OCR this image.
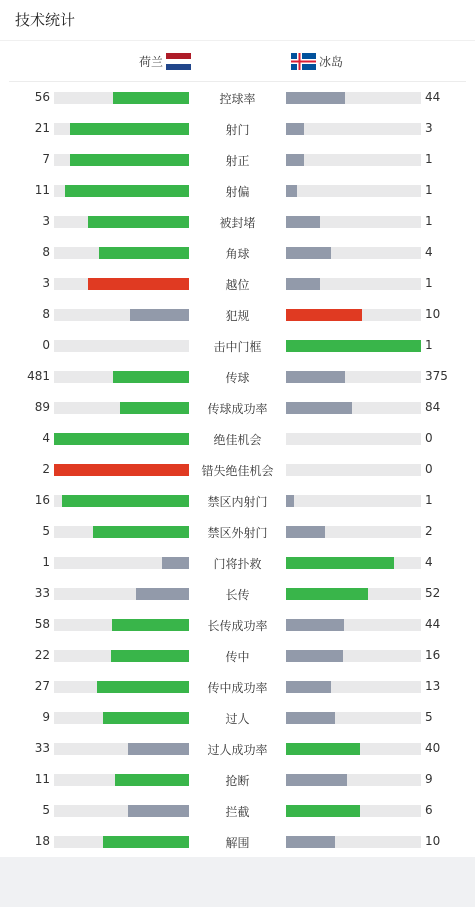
技术统计
荷兰	冰岛
56	控球率	44
21	射门	3
7	射正	1
11	射偏	1
3	被封堵	1
8	角球	4
3	越位	1
8	犯规	10
0	击中门框	1
481	传球	375
89	传球成功率	84
4	绝佳机会	0
2	错失绝佳机会	0
16	禁区内射门	1
5	禁区外射门	2
1	门将扑救	4
33	长传	52
58	长传成功率	44
22	传中	16
27	传中成功率	13
9	过人	5
33	过人成功率	40
11	抢断	9
5	拦截	6
18	解围	10
